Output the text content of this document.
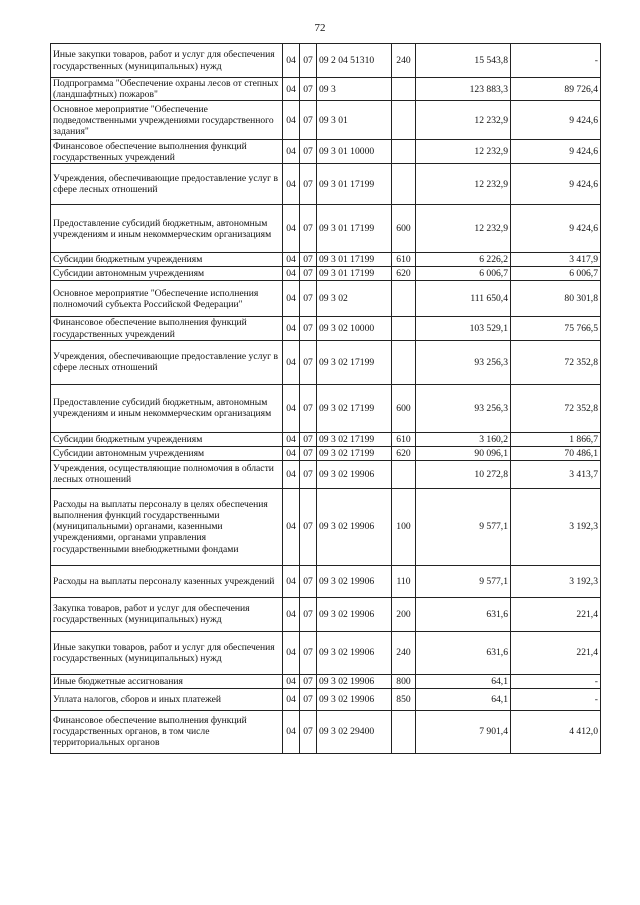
72
Иные закупки товаров, работ и услуг для обеспечения государственных (муниципальных) нужд	04	07	09 2 04 51310	240	15 543,8	-
Подпрограмма "Обеспечение охраны лесов от степных (ландшафтных) пожаров"	04	07	09 3		123 883,3	89 726,4
Основное мероприятие "Обеспечение подведомственными учреждениями государственного задания"	04	07	09 3 01		12 232,9	9 424,6
Финансовое обеспечение выполнения функций государственных учреждений	04	07	09 3 01 10000		12 232,9	9 424,6
Учреждения, обеспечивающие предоставление услуг в сфере лесных отношений	04	07	09 3 01 17199		12 232,9	9 424,6
Предоставление субсидий бюджетным, автономным учреждениям и иным некоммерческим организациям	04	07	09 3 01 17199	600	12 232,9	9 424,6
Субсидии бюджетным учреждениям	04	07	09 3 01 17199	610	6 226,2	3 417,9
Субсидии автономным учреждениям	04	07	09 3 01 17199	620	6 006,7	6 006,7
Основное мероприятие "Обеспечение исполнения полномочий субъекта Российской Федерации"	04	07	09 3 02		111 650,4	80 301,8
Финансовое обеспечение выполнения функций государственных учреждений	04	07	09 3 02 10000		103 529,1	75 766,5
Учреждения, обеспечивающие предоставление услуг в сфере лесных отношений	04	07	09 3 02 17199		93 256,3	72 352,8
Предоставление субсидий бюджетным, автономным учреждениям и иным некоммерческим организациям	04	07	09 3 02 17199	600	93 256,3	72 352,8
Субсидии бюджетным учреждениям	04	07	09 3 02 17199	610	3 160,2	1 866,7
Субсидии автономным учреждениям	04	07	09 3 02 17199	620	90 096,1	70 486,1
Учреждения, осуществляющие полномочия в области лесных отношений	04	07	09 3 02 19906		10 272,8	3 413,7
Расходы на выплаты персоналу в целях обеспечения выполнения функций государственными (муниципальными) органами, казенными учреждениями, органами управления государственными внебюджетными фондами	04	07	09 3 02 19906	100	9 577,1	3 192,3
Расходы на выплаты персоналу казенных учреждений	04	07	09 3 02 19906	110	9 577,1	3 192,3
Закупка товаров, работ и услуг для обеспечения государственных (муниципальных) нужд	04	07	09 3 02 19906	200	631,6	221,4
Иные закупки товаров, работ и услуг для обеспечения государственных (муниципальных) нужд	04	07	09 3 02 19906	240	631,6	221,4
Иные бюджетные ассигнования	04	07	09 3 02 19906	800	64,1	-
Уплата налогов, сборов и иных платежей	04	07	09 3 02 19906	850	64,1	-
Финансовое обеспечение выполнения функций государственных органов, в том числе территориальных органов	04	07	09 3 02 29400		7 901,4	4 412,0
